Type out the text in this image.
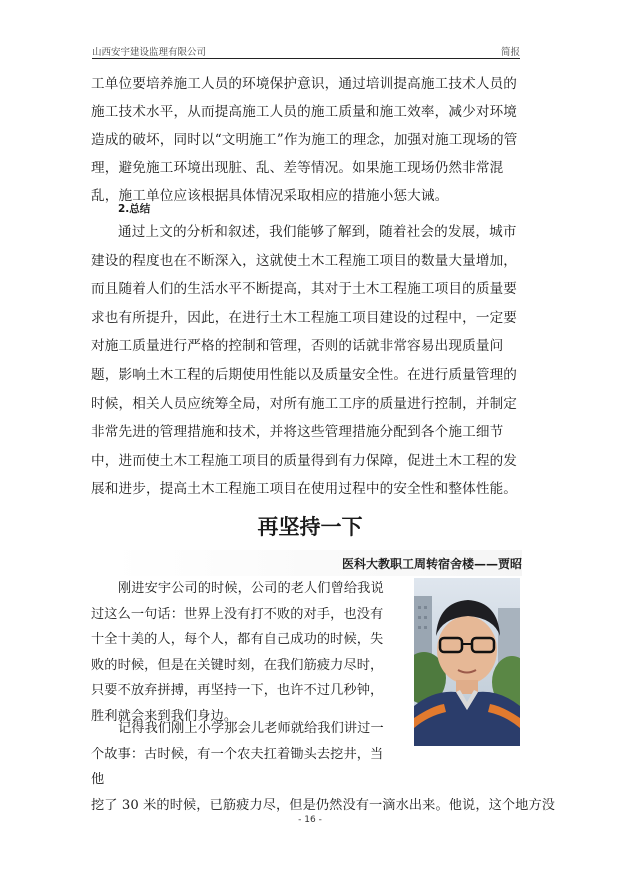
山西安宇建设监理有限公司	简报

工单位要培养施工人员的环境保护意识，通过培训提高施工技术人员的施工技术水平，从而提高施工人员的施工质量和施工效率，减少对环境造成的破坏，同时以“文明施工”作为施工的理念，加强对施工现场的管理，避免施工环境出现脏、乱、差等情况。如果施工现场仍然非常混乱，施工单位应该根据具体情况采取相应的措施小惩大诫。

2.总结

通过上文的分析和叙述，我们能够了解到，随着社会的发展，城市建设的程度也在不断深入，这就使土木工程施工项目的数量大量增加，而且随着人们的生活水平不断提高，其对于土木工程施工项目的质量要求也有所提升，因此，在进行土木工程施工项目建设的过程中，一定要对施工质量进行严格的控制和管理，否则的话就非常容易出现质量问题，影响土木工程的后期使用性能以及质量安全性。在进行质量管理的时候，相关人员应统筹全局，对所有施工工序的质量进行控制，并制定非常先进的管理措施和技术，并将这些管理措施分配到各个施工细节中，进而使土木工程施工项目的质量得到有力保障，促进土木工程的发展和进步，提高土木工程施工项目在使用过程中的安全性和整体性能。

再坚持一下
医科大教职工周转宿舍楼——贾昭

刚进安宇公司的时候，公司的老人们曾给我说过这么一句话：世界上没有打不败的对手，也没有十全十美的人，每个人，都有自己成功的时候，失败的时候，但是在关键时刻，在我们筋疲力尽时，只要不放弃拼搏，再坚持一下，也许不过几秒钟，胜利就会来到我们身边。

记得我们刚上小学那会儿老师就给我们讲过一个故事：古时候，有一个农夫扛着锄头去挖井，当他
挖了 30 米的时候，已筋疲力尽，但是仍然没有一滴水出来。他说，这个地方没

- 16 -
